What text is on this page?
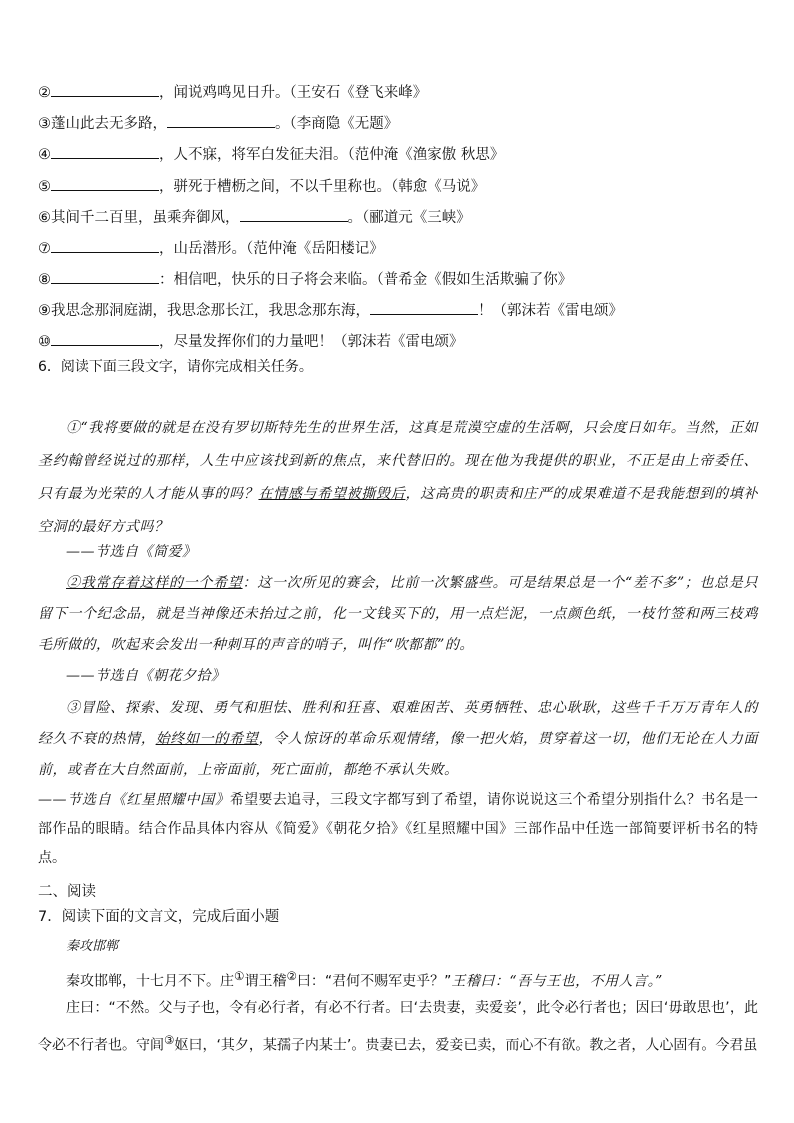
②	，闻说鸡鸣见日升。（王安石《登飞来峰》
③蓬山此去无多路，	。（李商隐《无题》
④	，人不寐，将军白发征夫泪。（范仲淹《渔家傲 秋思》
⑤	，骈死于槽枥之间，不以千里称也。（韩愈《马说》
⑥其间千二百里，虽乘奔御风，	。（郦道元《三峡》
⑦	，山岳潜形。（范仲淹《岳阳楼记》
⑧	：相信吧，快乐的日子将会来临。（普希金《假如生活欺骗了你》
⑨我思念那洞庭湖，我思念那长江，我思念那东海，	！（郭沫若《雷电颂》
⑩	，尽量发挥你们的力量吧！（郭沫若《雷电颂》
6．阅读下面三段文字，请你完成相关任务。
①“我将要做的就是在没有罗切斯特先生的世界生活，这真是荒漠空虚的生活啊，只会度日如年。当然，正如圣约翰曾经说过的那样，人生中应该找到新的焦点，来代替旧的。现在他为我提供的职业，不正是由上帝委任、只有最为光荣的人才能从事的吗？在情感与希望被撕毁后，这高贵的职责和庄严的成果难道不是我能想到的填补空洞的最好方式吗？
——节选自《简爱》
②我常存着这样的一个希望：这一次所见的赛会，比前一次繁盛些。可是结果总是一个“差不多”；也总是只留下一个纪念品，就是当神像还未抬过之前，化一文钱买下的，用一点烂泥，一点颜色纸，一枝竹签和两三枝鸡毛所做的，吹起来会发出一种刺耳的声音的哨子，叫作“吹都都”的。
——节选自《朝花夕拾》
③冒险、探索、发现、勇气和胆怯、胜利和狂喜、艰难困苦、英勇牺牲、忠心耿耿，这些千千万万青年人的经久不衰的热情，始终如一的希望，令人惊讶的革命乐观情绪，像一把火焰，贯穿着这一切，他们无论在人力面前，或者在大自然面前，上帝面前，死亡面前，都绝不承认失败。
——节选自《红星照耀中国》希望要去追寻，三段文字都写到了希望，请你说说这三个希望分别指什么？书名是一部作品的眼睛。结合作品具体内容从《简爱》《朝花夕拾》《红星照耀中国》三部作品中任选一部简要评析书名的特点。
二、阅读
7．阅读下面的文言文，完成后面小题
秦攻邯郸
秦攻邯郸，十七月不下。庄①谓王稽②曰：“君何不赐军吏乎？”王稽曰：“吾与王也，不用人言。”
庄曰：“不然。父与子也，令有必行者，有必不行者。曰‘去贵妻，卖爱妾’，此令必行者也；因曰‘毋敢思也’，此令必不行者也。守闾③妪曰，‘其夕，某孺子内某士’。贵妻已去，爱妾已卖，而心不有欲。教之者，人心固有。今君虽
